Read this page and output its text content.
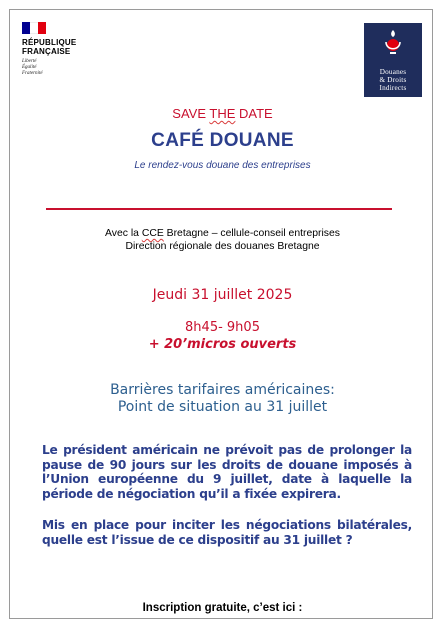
RÉPUBLIQUE
FRANÇAISE
Liberté
Égalité
Fraternité	Douanes
& Droits
Indirects
SAVE THE DATE
CAFÉ DOUANE
Le rendez-vous douane des entreprises
Avec la CCE Bretagne – cellule-conseil entreprises
Direction régionale des douanes Bretagne
Jeudi 31 juillet 2025
8h45- 9h05
+ 20’micros ouverts
Barrières tarifaires américaines:
Point de situation au 31 juillet
Le président américain ne prévoit pas de prolonger la pause de 90 jours sur les droits de douane imposés à l’Union européenne du 9 juillet, date à laquelle la période de négociation qu’il a fixée expirera.
Mis en place pour inciter les négociations bilatérales, quelle est l’issue de ce dispositif au 31 juillet ?
Inscription gratuite, c’est ici :
